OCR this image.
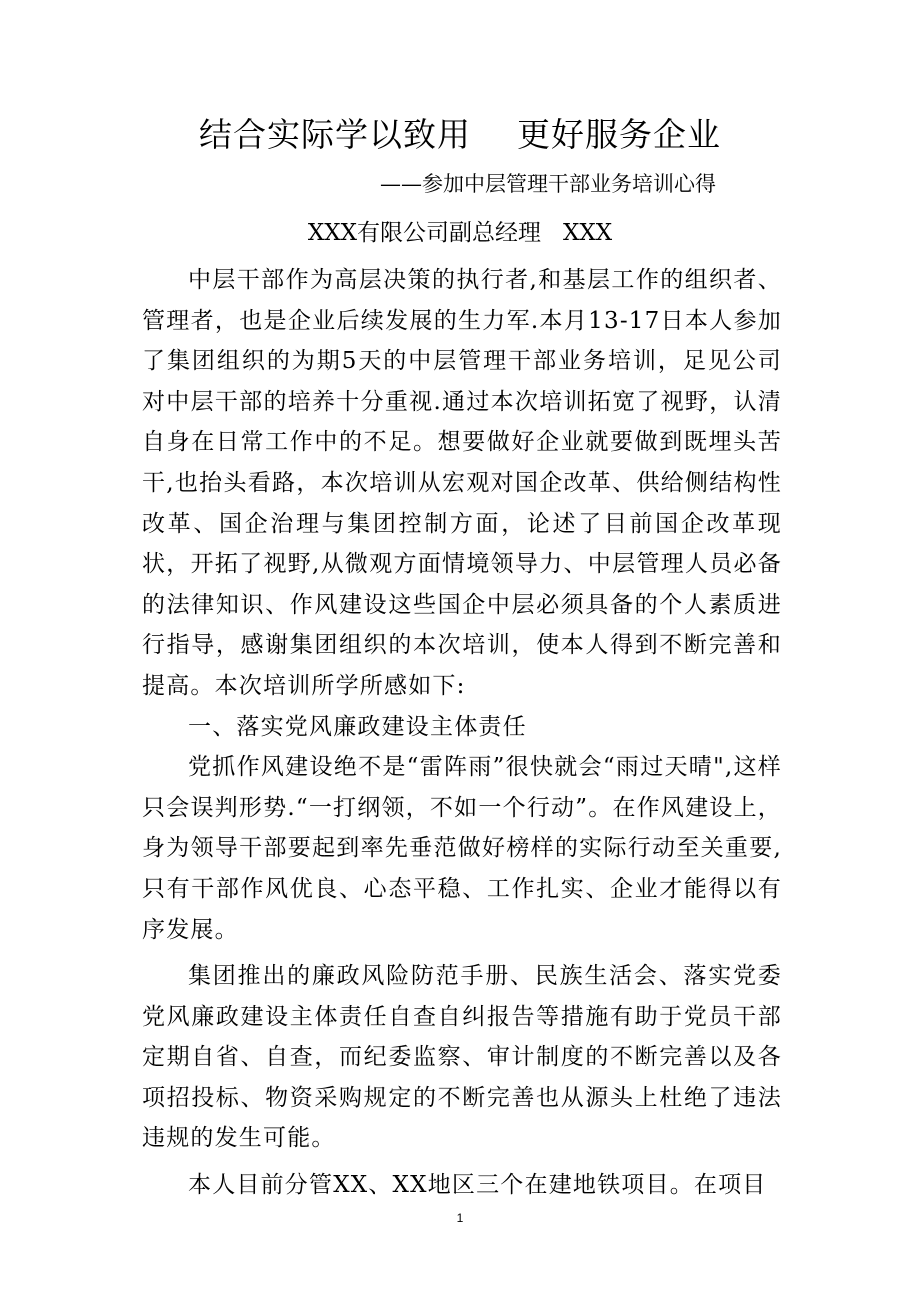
结合实际学以致用    更好服务企业
——参加中层管理干部业务培训心得
XXX有限公司副总经理   XXX

中层干部作为高层决策的执行者,和基层工作的组织者、管理者，也是企业后续发展的生力军.本月13-17日本人参加了集团组织的为期5天的中层管理干部业务培训，足见公司对中层干部的培养十分重视.通过本次培训拓宽了视野，认清自身在日常工作中的不足。想要做好企业就要做到既埋头苦干,也抬头看路，本次培训从宏观对国企改革、供给侧结构性改革、国企治理与集团控制方面，论述了目前国企改革现状，开拓了视野,从微观方面情境领导力、中层管理人员必备的法律知识、作风建设这些国企中层必须具备的个人素质进行指导，感谢集团组织的本次培训，使本人得到不断完善和提高。本次培训所学所感如下:

一、落实党风廉政建设主体责任

党抓作风建设绝不是“雷阵雨”很快就会“雨过天晴",这样只会误判形势.“一打纲领，不如一个行动”。在作风建设上，身为领导干部要起到率先垂范做好榜样的实际行动至关重要,只有干部作风优良、心态平稳、工作扎实、企业才能得以有序发展。

集团推出的廉政风险防范手册、民族生活会、落实党委党风廉政建设主体责任自查自纠报告等措施有助于党员干部定期自省、自查，而纪委监察、审计制度的不断完善以及各项招投标、物资采购规定的不断完善也从源头上杜绝了违法违规的发生可能。

本人目前分管XX、XX地区三个在建地铁项目。在项目

1
